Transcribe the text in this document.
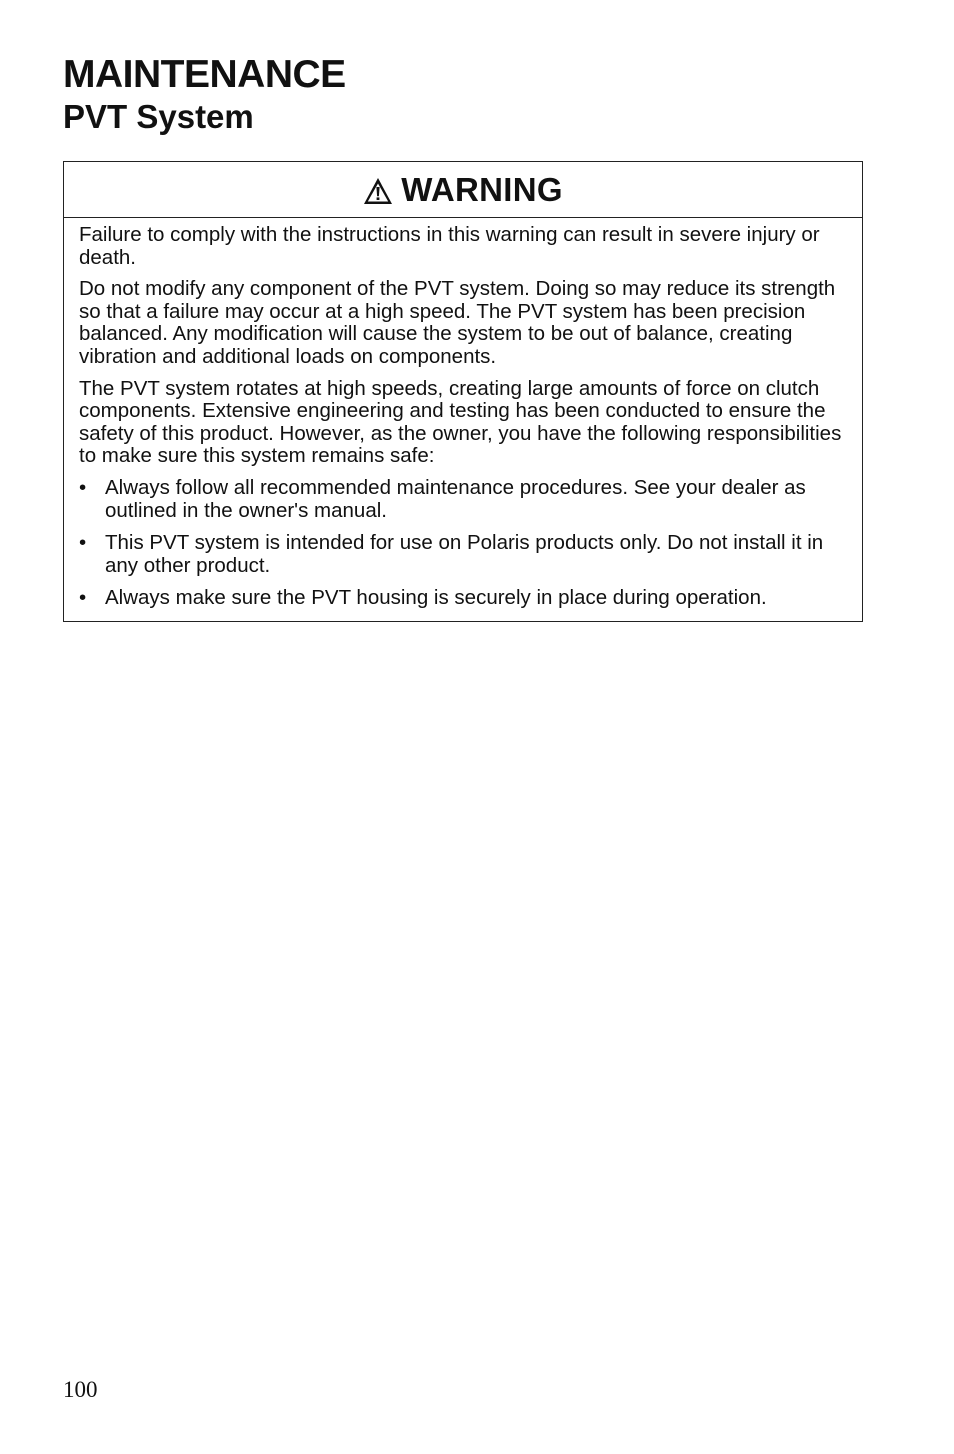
MAINTENANCE
PVT System
WARNING

Failure to comply with the instructions in this warning can result in severe injury or death.

Do not modify any component of the PVT system. Doing so may reduce its strength so that a failure may occur at a high speed. The PVT system has been precision balanced. Any modification will cause the system to be out of balance, creating vibration and additional loads on components.

The PVT system rotates at high speeds, creating large amounts of force on clutch components. Extensive engineering and testing has been conducted to ensure the safety of this product. However, as the owner, you have the following responsibilities to make sure this system remains safe:

• Always follow all recommended maintenance procedures. See your dealer as outlined in the owner's manual.
• This PVT system is intended for use on Polaris products only. Do not install it in any other product.
• Always make sure the PVT housing is securely in place during operation.
100
